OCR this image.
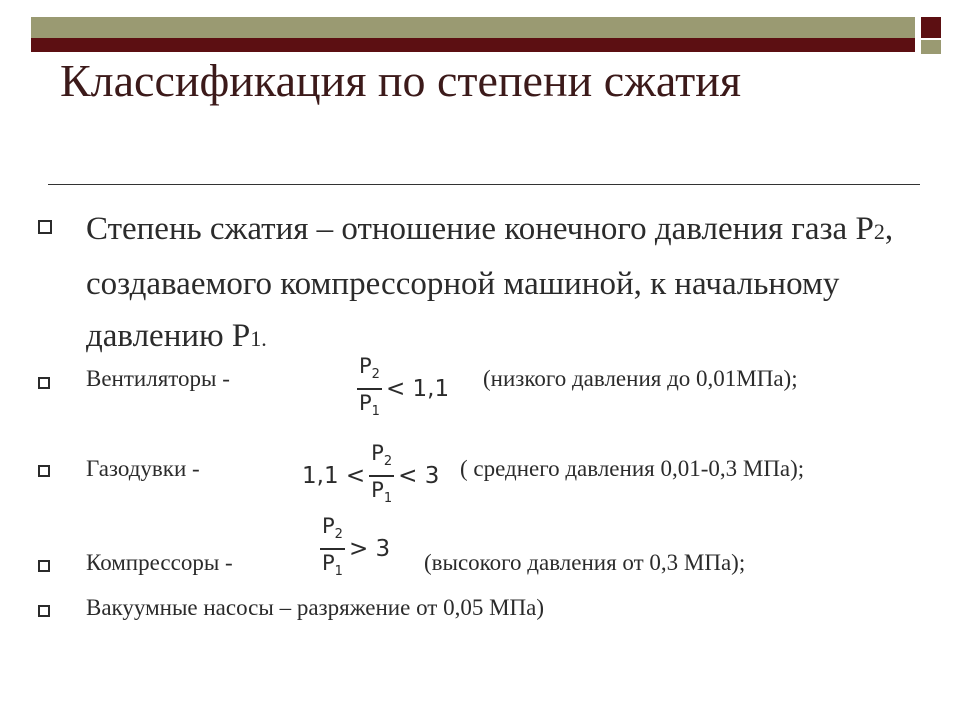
Классификация по степени сжатия
Степень сжатия – отношение конечного давления газа Р2, создаваемого компрессорной машиной, к начальному давлению Р1.
Вентиляторы -	$\frac{P_2}{P_1} < 1,1$ (низкого давления до 0,01МПа);
Газодувки -	$1,1 < \frac{P_2}{P_1} < 3$ ( среднего давления 0,01-0,3 МПа);
Компрессоры -	$\frac{P_2}{P_1} > 3$
(высокого давления от 0,3 МПа);
Вакуумные насосы – разряжение от 0,05 МПа)
